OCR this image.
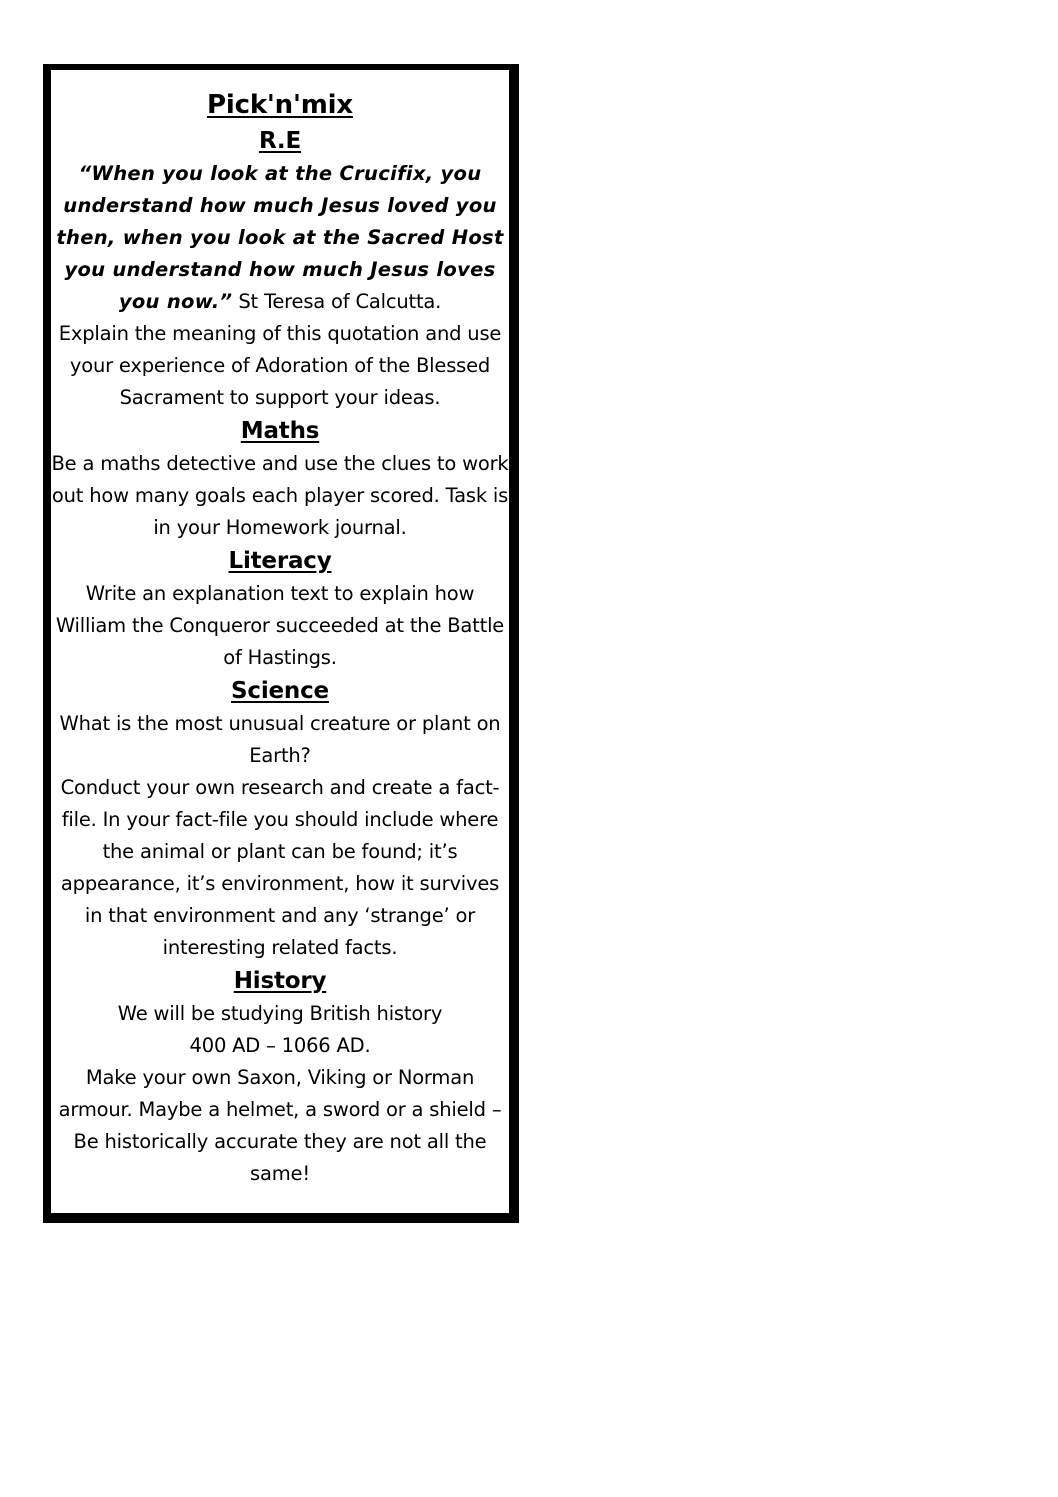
Pick'n'mix

R.E

“When you look at the Crucifix, you understand how much Jesus loved you then, when you look at the Sacred Host you understand how much Jesus loves you now.” St Teresa of Calcutta.

Explain the meaning of this quotation and use your experience of Adoration of the Blessed Sacrament to support your ideas.

Maths

Be a maths detective and use the clues to work out how many goals each player scored. Task is in your Homework journal.

Literacy

Write an explanation text to explain how William the Conqueror succeeded at the Battle of Hastings.

Science

What is the most unusual creature or plant on Earth?

Conduct your own research and create a fact-file. In your fact-file you should include where the animal or plant can be found; it’s appearance, it’s environment, how it survives in that environment and any ‘strange’ or interesting related facts.

History

We will be studying British history

400 AD – 1066 AD.

Make your own Saxon, Viking or Norman armour. Maybe a helmet, a sword or a shield – Be historically accurate they are not all the same!
